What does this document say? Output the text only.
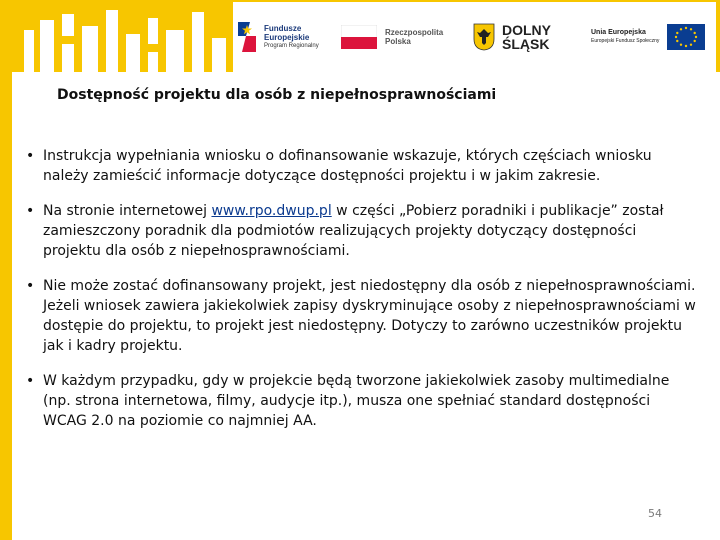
Fundusze
Europejskie
Program Regionalny
Rzeczpospolita
Polska
DOLNY
ŚLĄSK
Unia Europejska
Europejski Fundusz Społeczny
Dostępność projektu dla osób z niepełnosprawnościami
• Instrukcja wypełniania wniosku o dofinansowanie wskazuje, których częściach wniosku należy zamieścić informacje dotyczące dostępności projektu i w jakim zakresie.
• Na stronie internetowej www.rpo.dwup.pl w części „Pobierz poradniki i publikacje” został zamieszczony poradnik dla podmiotów realizujących projekty dotyczący dostępności projektu dla osób z niepełnosprawnościami.
• Nie może zostać dofinansowany projekt, jest niedostępny dla osób z niepełnosprawnościami. Jeżeli wniosek zawiera jakiekolwiek zapisy dyskryminujące osoby z niepełnosprawnościami w dostępie do projektu, to projekt jest niedostępny. Dotyczy to zarówno uczestników projektu jak i kadry projektu.
• W każdym przypadku, gdy w projekcie będą tworzone jakiekolwiek zasoby multimedialne (np. strona internetowa, filmy, audycje itp.), musza one spełniać standard dostępności WCAG 2.0 na poziomie co najmniej AA.
54
